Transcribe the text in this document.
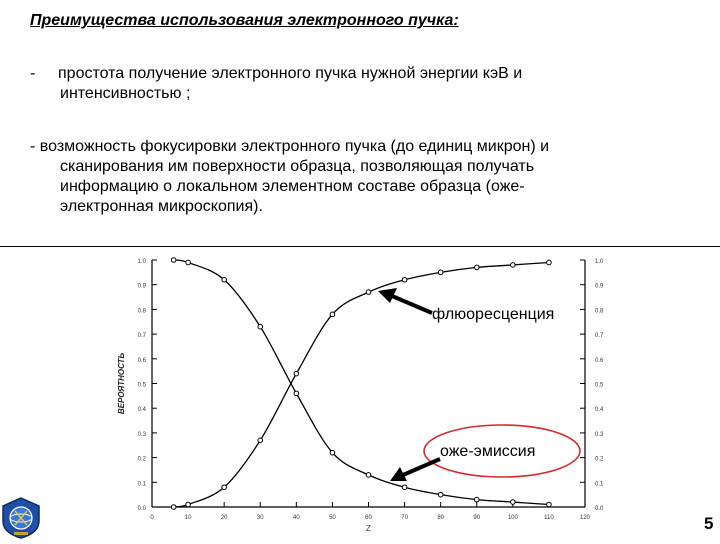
Преимущества использования электронного пучка:
- простота получение электронного пучка нужной энергии кэВ и
интенсивностью ;
- возможность фокусировки электронного пучка (до единиц микрон) и
сканирования им поверхности образца, позволяющая получать
информацию о локальном элементном составе образца (оже-
электронная микроскопия).
0.0
0.1
0.2
0.3
0.4
0.5
0.6
0.7
0.8
0.9
1.0
0.0
0.1
0.2
0.3
0.4
0.5
0.6
0.7
0.8
0.9
1.0
0	10	20	30	40	50	60	70	80	90	100	110	120
Z
ВЕРОЯТНОСТЬ
флюоресценция
оже-эмиссия
5
